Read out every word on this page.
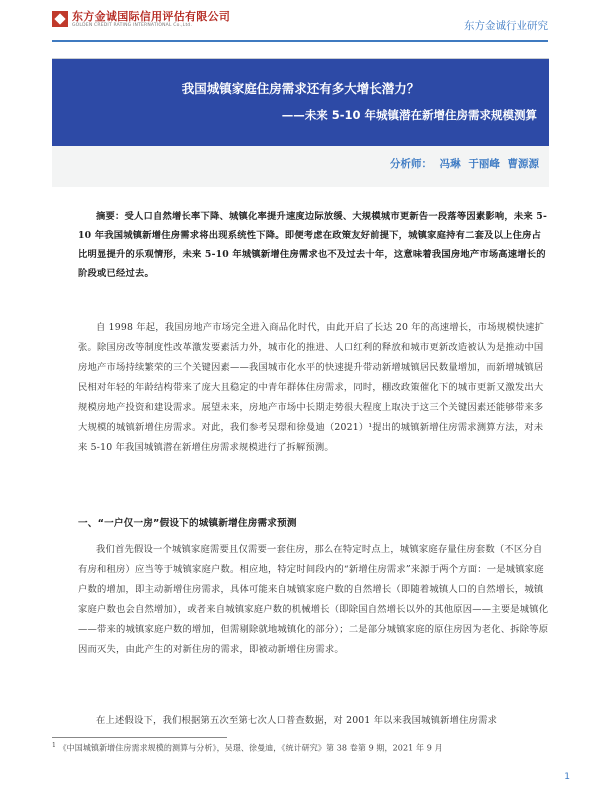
东方金诚国际信用评估有限公司
GOLDEN CREDIT RATING INTERNATIONAL Co.,Ltd.	东方金诚行业研究
我国城镇家庭住房需求还有多大增长潜力？
——未来 5-10 年城镇潜在新增住房需求规模测算
分析师： 冯琳 于丽峰 曹源源

摘要：受人口自然增长率下降、城镇化率提升速度边际放缓、大规模城市更新告一段落等因素影响，未来 5-10 年我国城镇新增住房需求将出现系统性下降。即便考虑在政策友好前提下，城镇家庭持有二套及以上住房占比明显提升的乐观情形，未来 5-10 年城镇新增住房需求也不及过去十年，这意味着我国房地产市场高速增长的阶段或已经过去。

自 1998 年起，我国房地产市场完全进入商品化时代，由此开启了长达 20 年的高速增长，市场规模快速扩张。除国房改等制度性改革激发要素活力外，城市化的推进、人口红利的释放和城市更新改造被认为是推动中国房地产市场持续繁荣的三个关键因素——我国城市化水平的快速提升带动新增城镇居民数量增加，而新增城镇居民相对年轻的年龄结构带来了庞大且稳定的中青年群体住房需求，同时，棚改政策催化下的城市更新又激发出大规模房地产投资和建设需求。展望未来，房地产市场中长期走势很大程度上取决于这三个关键因素还能够带来多大规模的城镇新增住房需求。对此，我们参考吴璟和徐曼迪（2021）¹提出的城镇新增住房需求测算方法，对未来 5-10 年我国城镇潜在新增住房需求规模进行了拆解预测。

一、“一户仅一房”假设下的城镇新增住房需求预测

我们首先假设一个城镇家庭需要且仅需要一套住房，那么在特定时点上，城镇家庭存量住房套数（不区分自有房和租房）应当等于城镇家庭户数。相应地，特定时间段内的“新增住房需求”来源于两个方面：一是城镇家庭户数的增加，即主动新增住房需求，具体可能来自城镇家庭户数的自然增长（即随着城镇人口的自然增长，城镇家庭户数也会自然增加），或者来自城镇家庭户数的机械增长（即除国自然增长以外的其他原因——主要是城镇化——带来的城镇家庭户数的增加，但需剔除就地城镇化的部分）；二是部分城镇家庭的原住房因为老化、拆除等原因而灭失，由此产生的对新住房的需求，即被动新增住房需求。

在上述假设下，我们根据第五次至第七次人口普查数据，对 2001 年以来我国城镇新增住房需求

$^1$ 《中国城镇新增住房需求规模的测算与分析》，吴璟、徐曼迪，《统计研究》第 38 卷第 9 期，2021 年 9 月
1
